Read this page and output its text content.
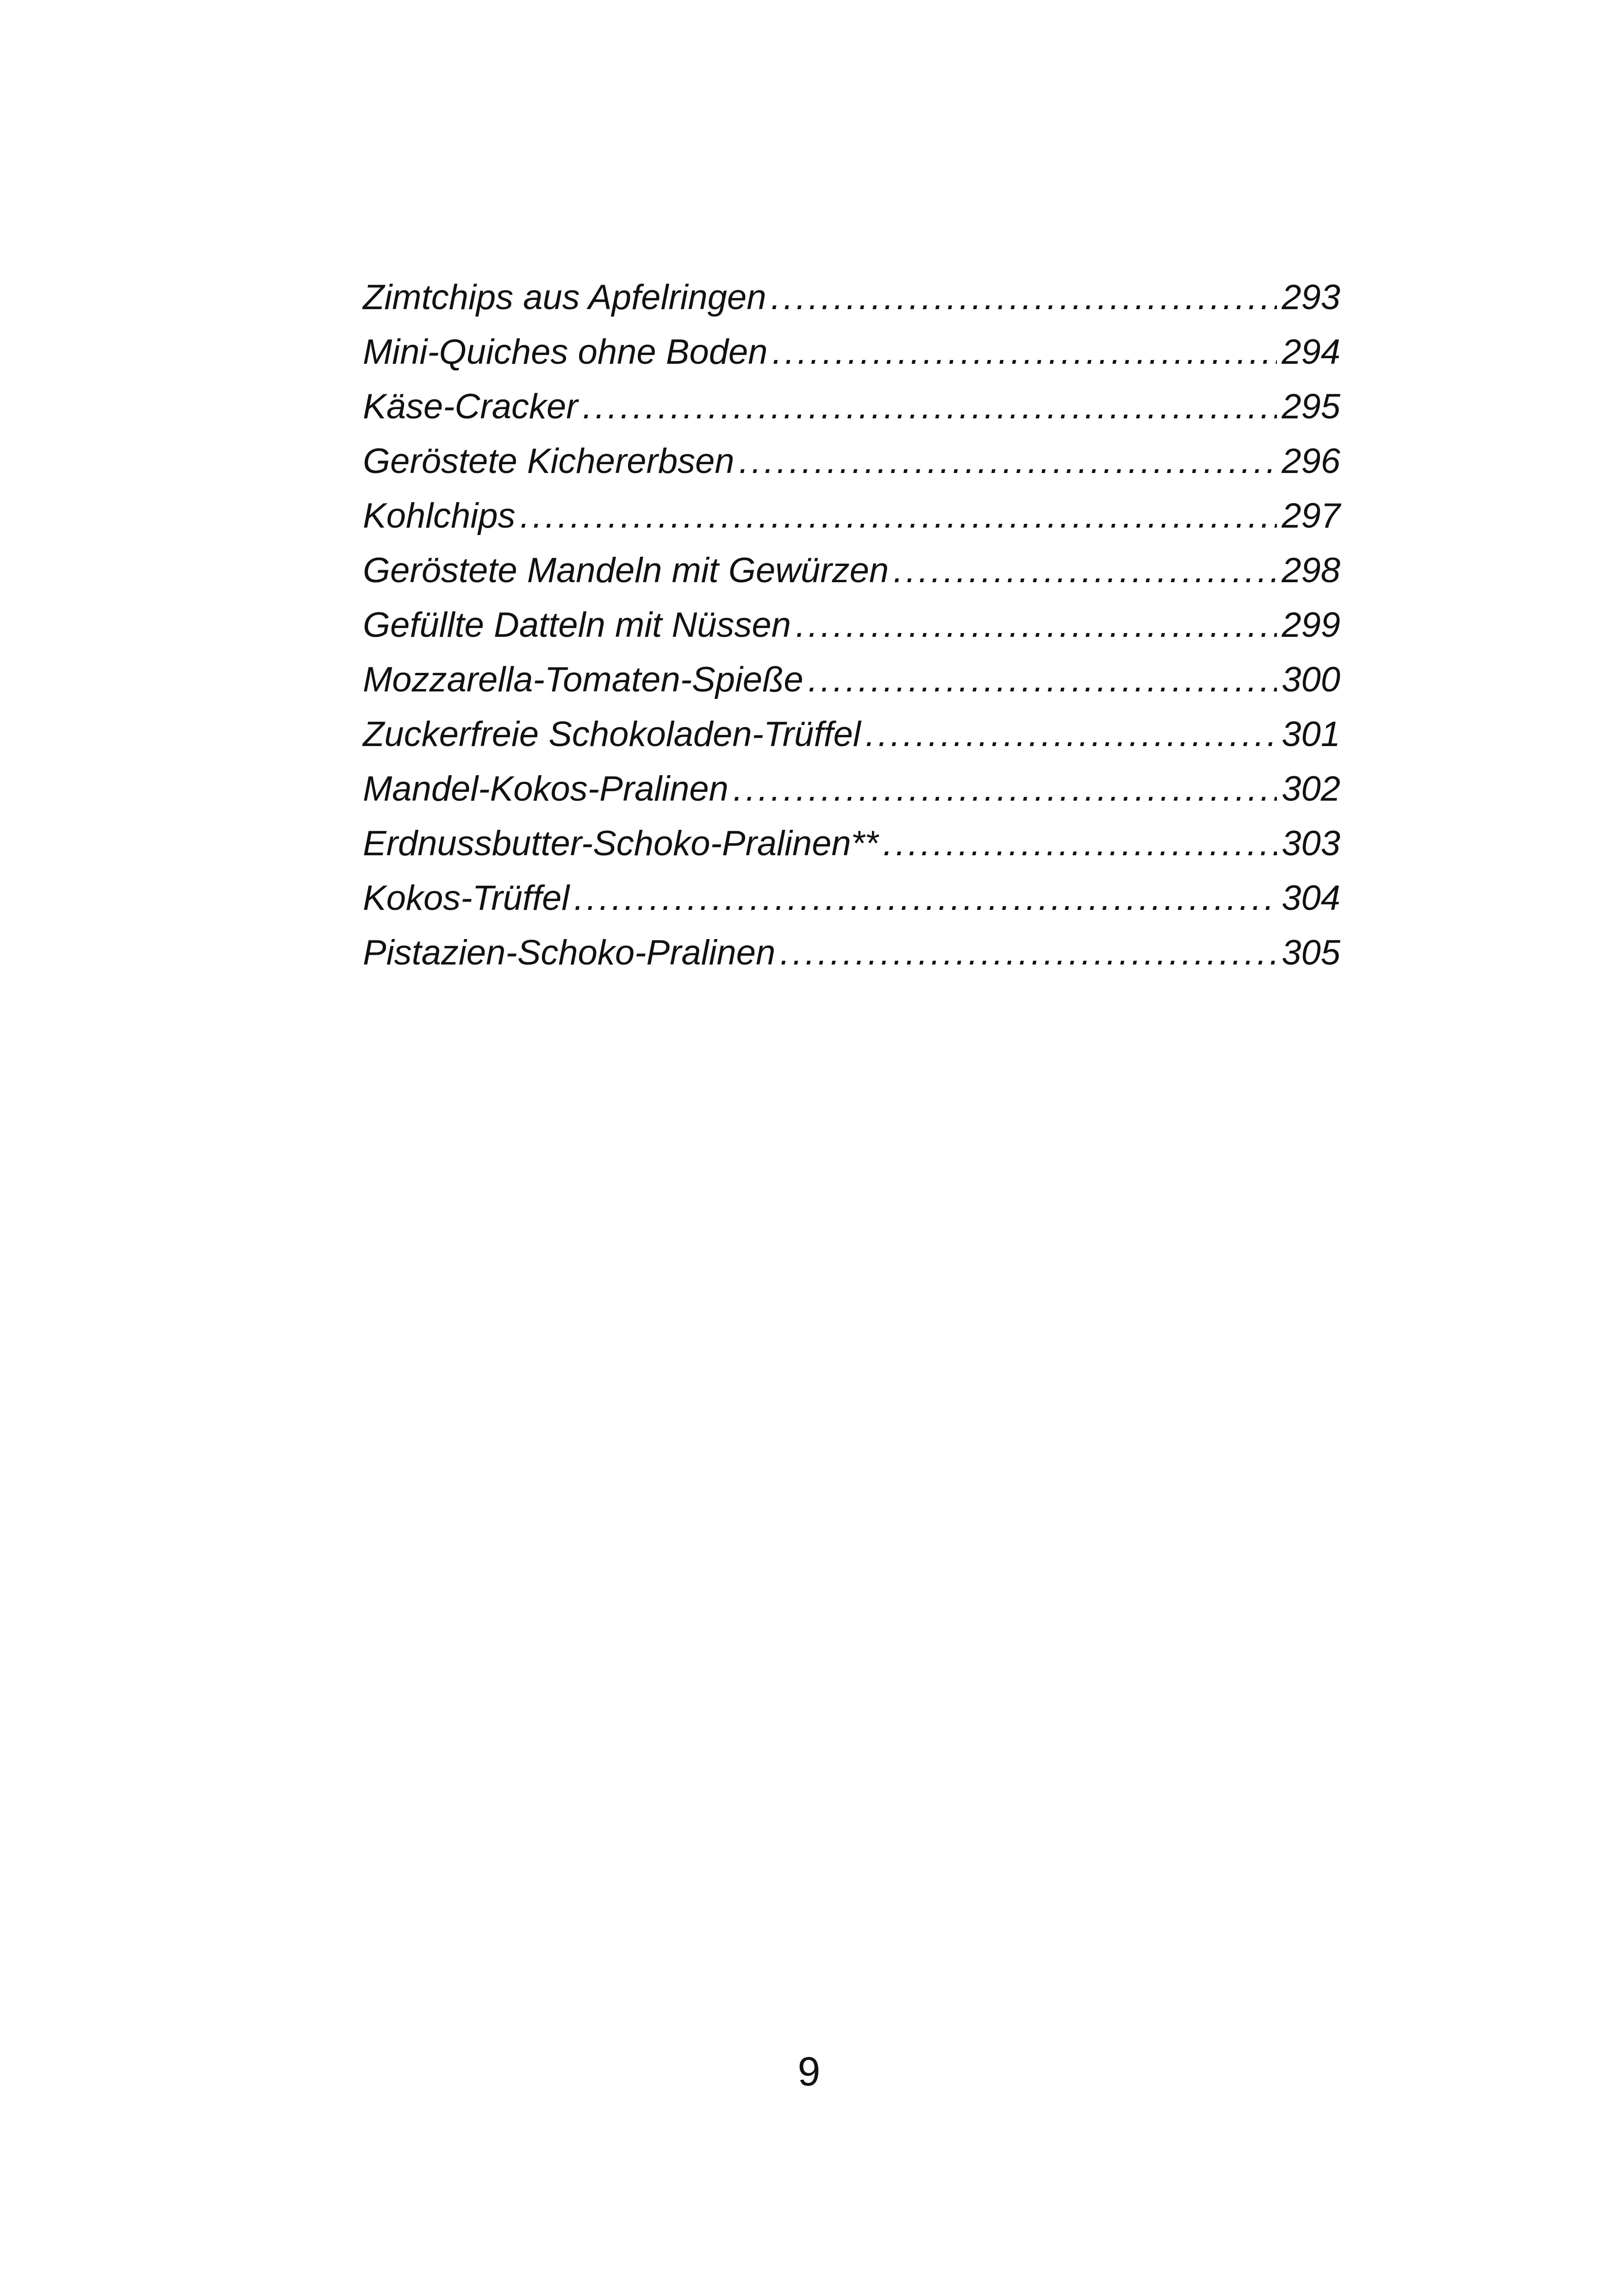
Zimtchips aus Apfelringen .....	293
Mini-Quiches ohne Boden .....	294
Käse-Cracker .....	295
Geröstete Kichererbsen .....	296
Kohlchips .....	297
Geröstete Mandeln mit Gewürzen .....	298
Gefüllte Datteln mit Nüssen .....	299
Mozzarella-Tomaten-Spieße .....	300
Zuckerfreie Schokoladen-Trüffel .....	301
Mandel-Kokos-Pralinen .....	302
Erdnussbutter-Schoko-Pralinen** .....	303
Kokos-Trüffel .....	304
Pistazien-Schoko-Pralinen .....	305
9
